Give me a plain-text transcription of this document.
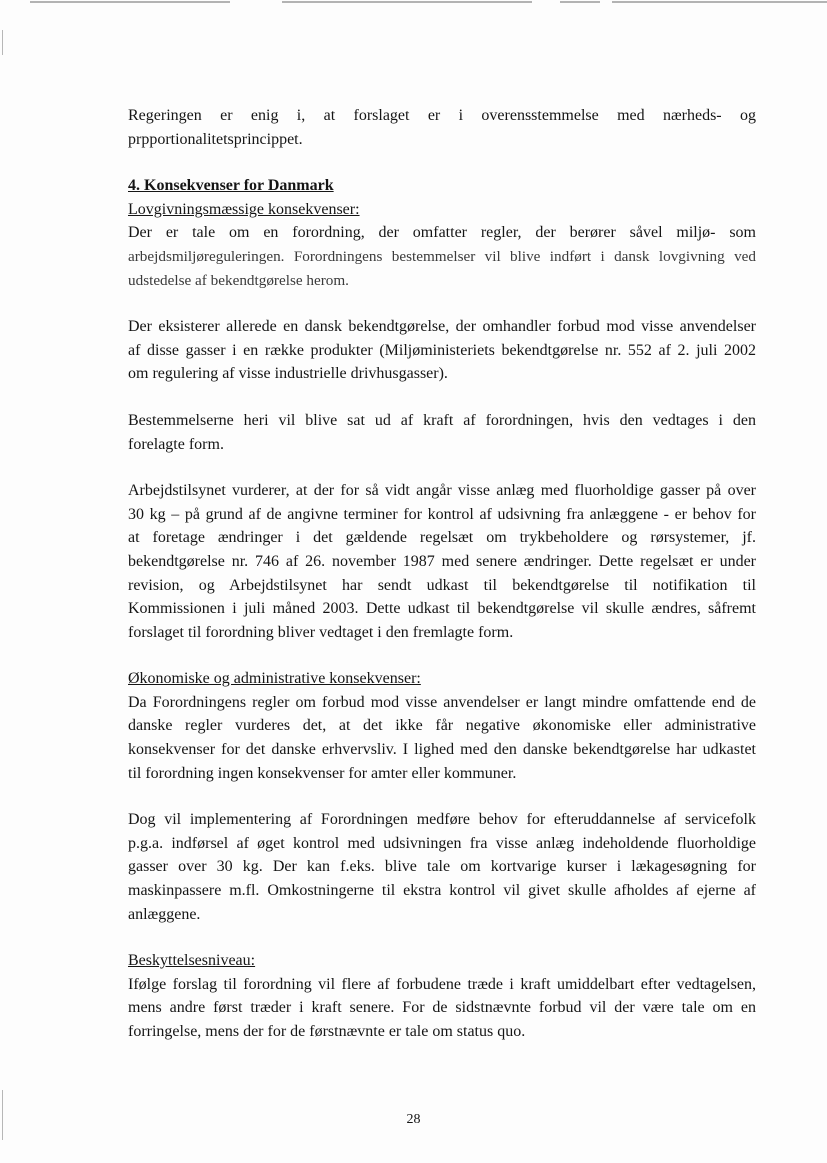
Regeringen er enig i, at forslaget er i overensstemmelse med nærheds- og
prpportionalitetsprincippet.

4. Konsekvenser for Danmark
Lovgivningsmæssige konsekvenser:

Der er tale om en forordning, der omfatter regler, der berører såvel miljø- som
arbejdsmiljøreguleringen. Forordningens bestemmelser vil blive indført i dansk lovgivning ved
udstedelse af bekendtgørelse herom.

Der eksisterer allerede en dansk bekendtgørelse, der omhandler forbud mod visse anvendelser
af disse gasser i en række produkter (Miljøministeriets bekendtgørelse nr. 552 af 2. juli 2002
om regulering af visse industrielle drivhusgasser).

Bestemmelserne heri vil blive sat ud af kraft af forordningen, hvis den vedtages i den
forelagte form.

Arbejdstilsynet vurderer, at der for så vidt angår visse anlæg med fluorholdige gasser på over
30 kg – på grund af de angivne terminer for kontrol af udsivning fra anlæggene - er behov for
at foretage ændringer i det gældende regelsæt om trykbeholdere og rørsystemer, jf.
bekendtgørelse nr. 746 af 26. november 1987 med senere ændringer. Dette regelsæt er under
revision, og Arbejdstilsynet har sendt udkast til bekendtgørelse til notifikation til
Kommissionen i juli måned 2003. Dette udkast til bekendtgørelse vil skulle ændres, såfremt
forslaget til forordning bliver vedtaget i den fremlagte form.

Økonomiske og administrative konsekvenser:

Da Forordningens regler om forbud mod visse anvendelser er langt mindre omfattende end de
danske regler vurderes det, at det ikke får negative økonomiske eller administrative
konsekvenser for det danske erhvervsliv. I lighed med den danske bekendtgørelse har udkastet
til forordning ingen konsekvenser for amter eller kommuner.

Dog vil implementering af Forordningen medføre behov for efteruddannelse af servicefolk
p.g.a. indførsel af øget kontrol med udsivningen fra visse anlæg indeholdende fluorholdige
gasser over 30 kg. Der kan f.eks. blive tale om kortvarige kurser i lækagesøgning for
maskinpassere m.fl. Omkostningerne til ekstra kontrol vil givet skulle afholdes af ejerne af
anlæggene.

Beskyttelsesniveau:

Ifølge forslag til forordning vil flere af forbudene træde i kraft umiddelbart efter vedtagelsen,
mens andre først træder i kraft senere. For de sidstnævnte forbud vil der være tale om en
forringelse, mens der for de førstnævnte er tale om status quo.

28
